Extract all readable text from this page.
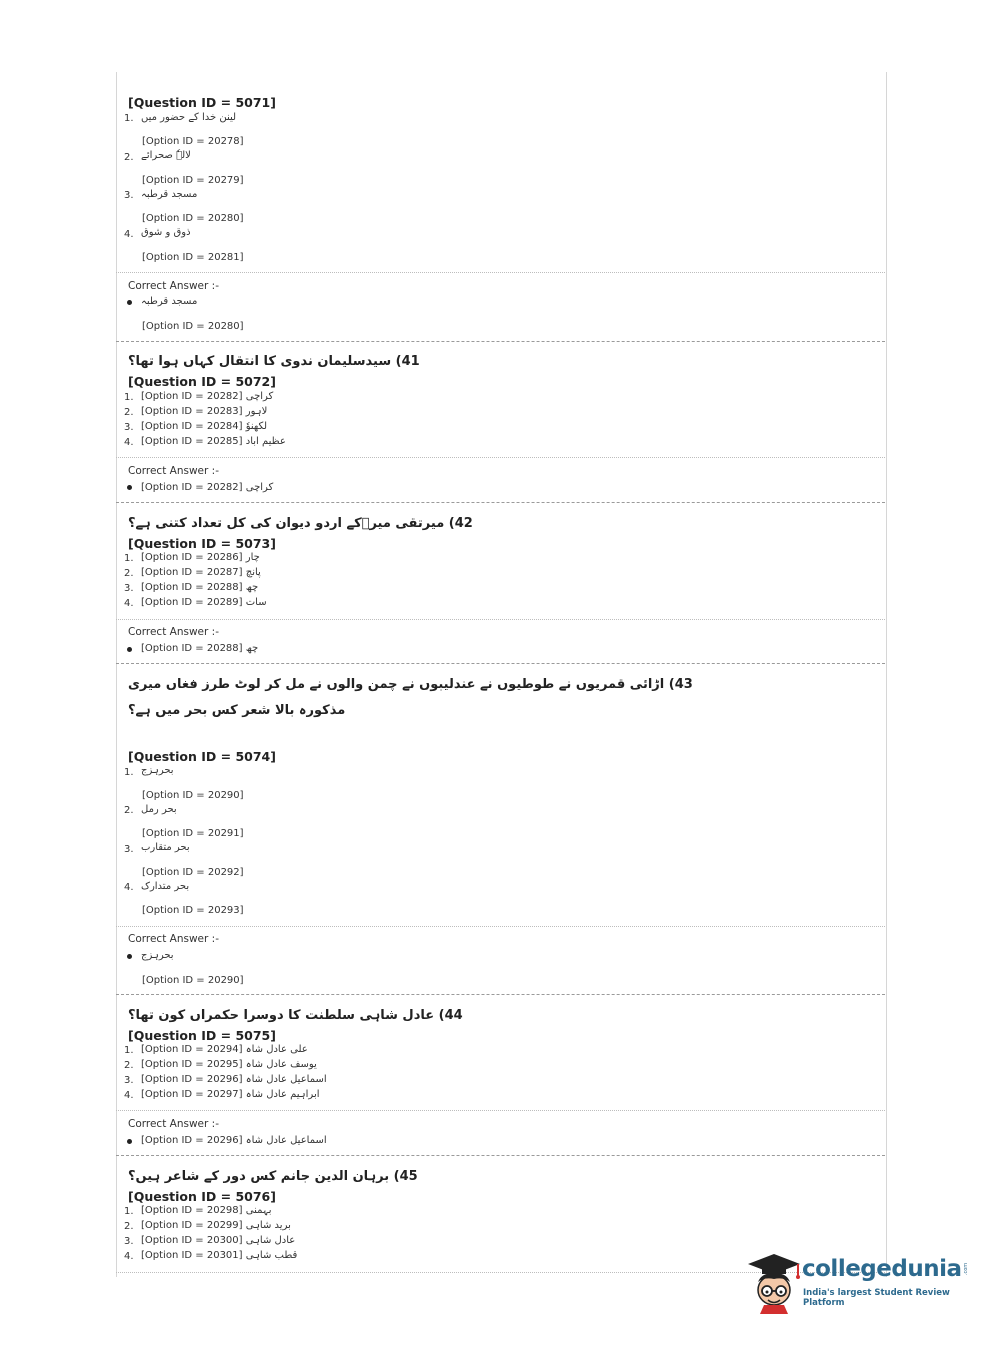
[Question ID = 5071]
1. لینن خدا کے حضور میں
[Option ID = 20278]
2. لالہٗ صحرائے
[Option ID = 20279]
3. مسجد قرطبہ
[Option ID = 20280]
4. ذوق و شوق
[Option ID = 20281]
Correct Answer :-
مسجد قرطبہ
[Option ID = 20280]
41) سیدسلیمان ندوی کا انتقال کہاں ہوا تھا؟
[Question ID = 5072]
1. کراچی [Option ID = 20282]
2. لاہور [Option ID = 20283]
3. لکھنوٗ [Option ID = 20284]
4. عظیم اباد [Option ID = 20285]
Correct Answer :-
کراچی [Option ID = 20282]
42) میرتقی میرؔکے اردو دیوان کی کل تعداد کتنی ہے؟
[Question ID = 5073]
1. چار [Option ID = 20286]
2. پانچ [Option ID = 20287]
3. چھ [Option ID = 20288]
4. سات [Option ID = 20289]
Correct Answer :-
چھ [Option ID = 20288]
43) اڑائی قمریوں نے طوطیوں نے عندلیبوں نے چمن والوں نے مل کر لوٹ طرز فغاں میری
مذکورہ بالا شعر کس بحر میں ہے؟
[Question ID = 5074]
1. بحرہزج
[Option ID = 20290]
2. بحر رمل
[Option ID = 20291]
3. بحر متقارب
[Option ID = 20292]
4. بحر متدارک
[Option ID = 20293]
Correct Answer :-
بحرہزج
[Option ID = 20290]
44) عادل شاہی سلطنت کا دوسرا حکمراں کون تھا؟
[Question ID = 5075]
1. علی عادل شاہ [Option ID = 20294]
2. یوسف عادل شاہ [Option ID = 20295]
3. اسماعیل عادل شاہ [Option ID = 20296]
4. ابراہیم عادل شاہ [Option ID = 20297]
Correct Answer :-
اسماعیل عادل شاہ [Option ID = 20296]
45) برہان الدین جانم کس دور کے شاعر ہیں؟
[Question ID = 5076]
1. بہمنی [Option ID = 20298]
2. برید شاہی [Option ID = 20299]
3. عادل شاہی [Option ID = 20300]
4. قطب شاہی [Option ID = 20301]
collegedunia .com
India's largest Student Review Platform
